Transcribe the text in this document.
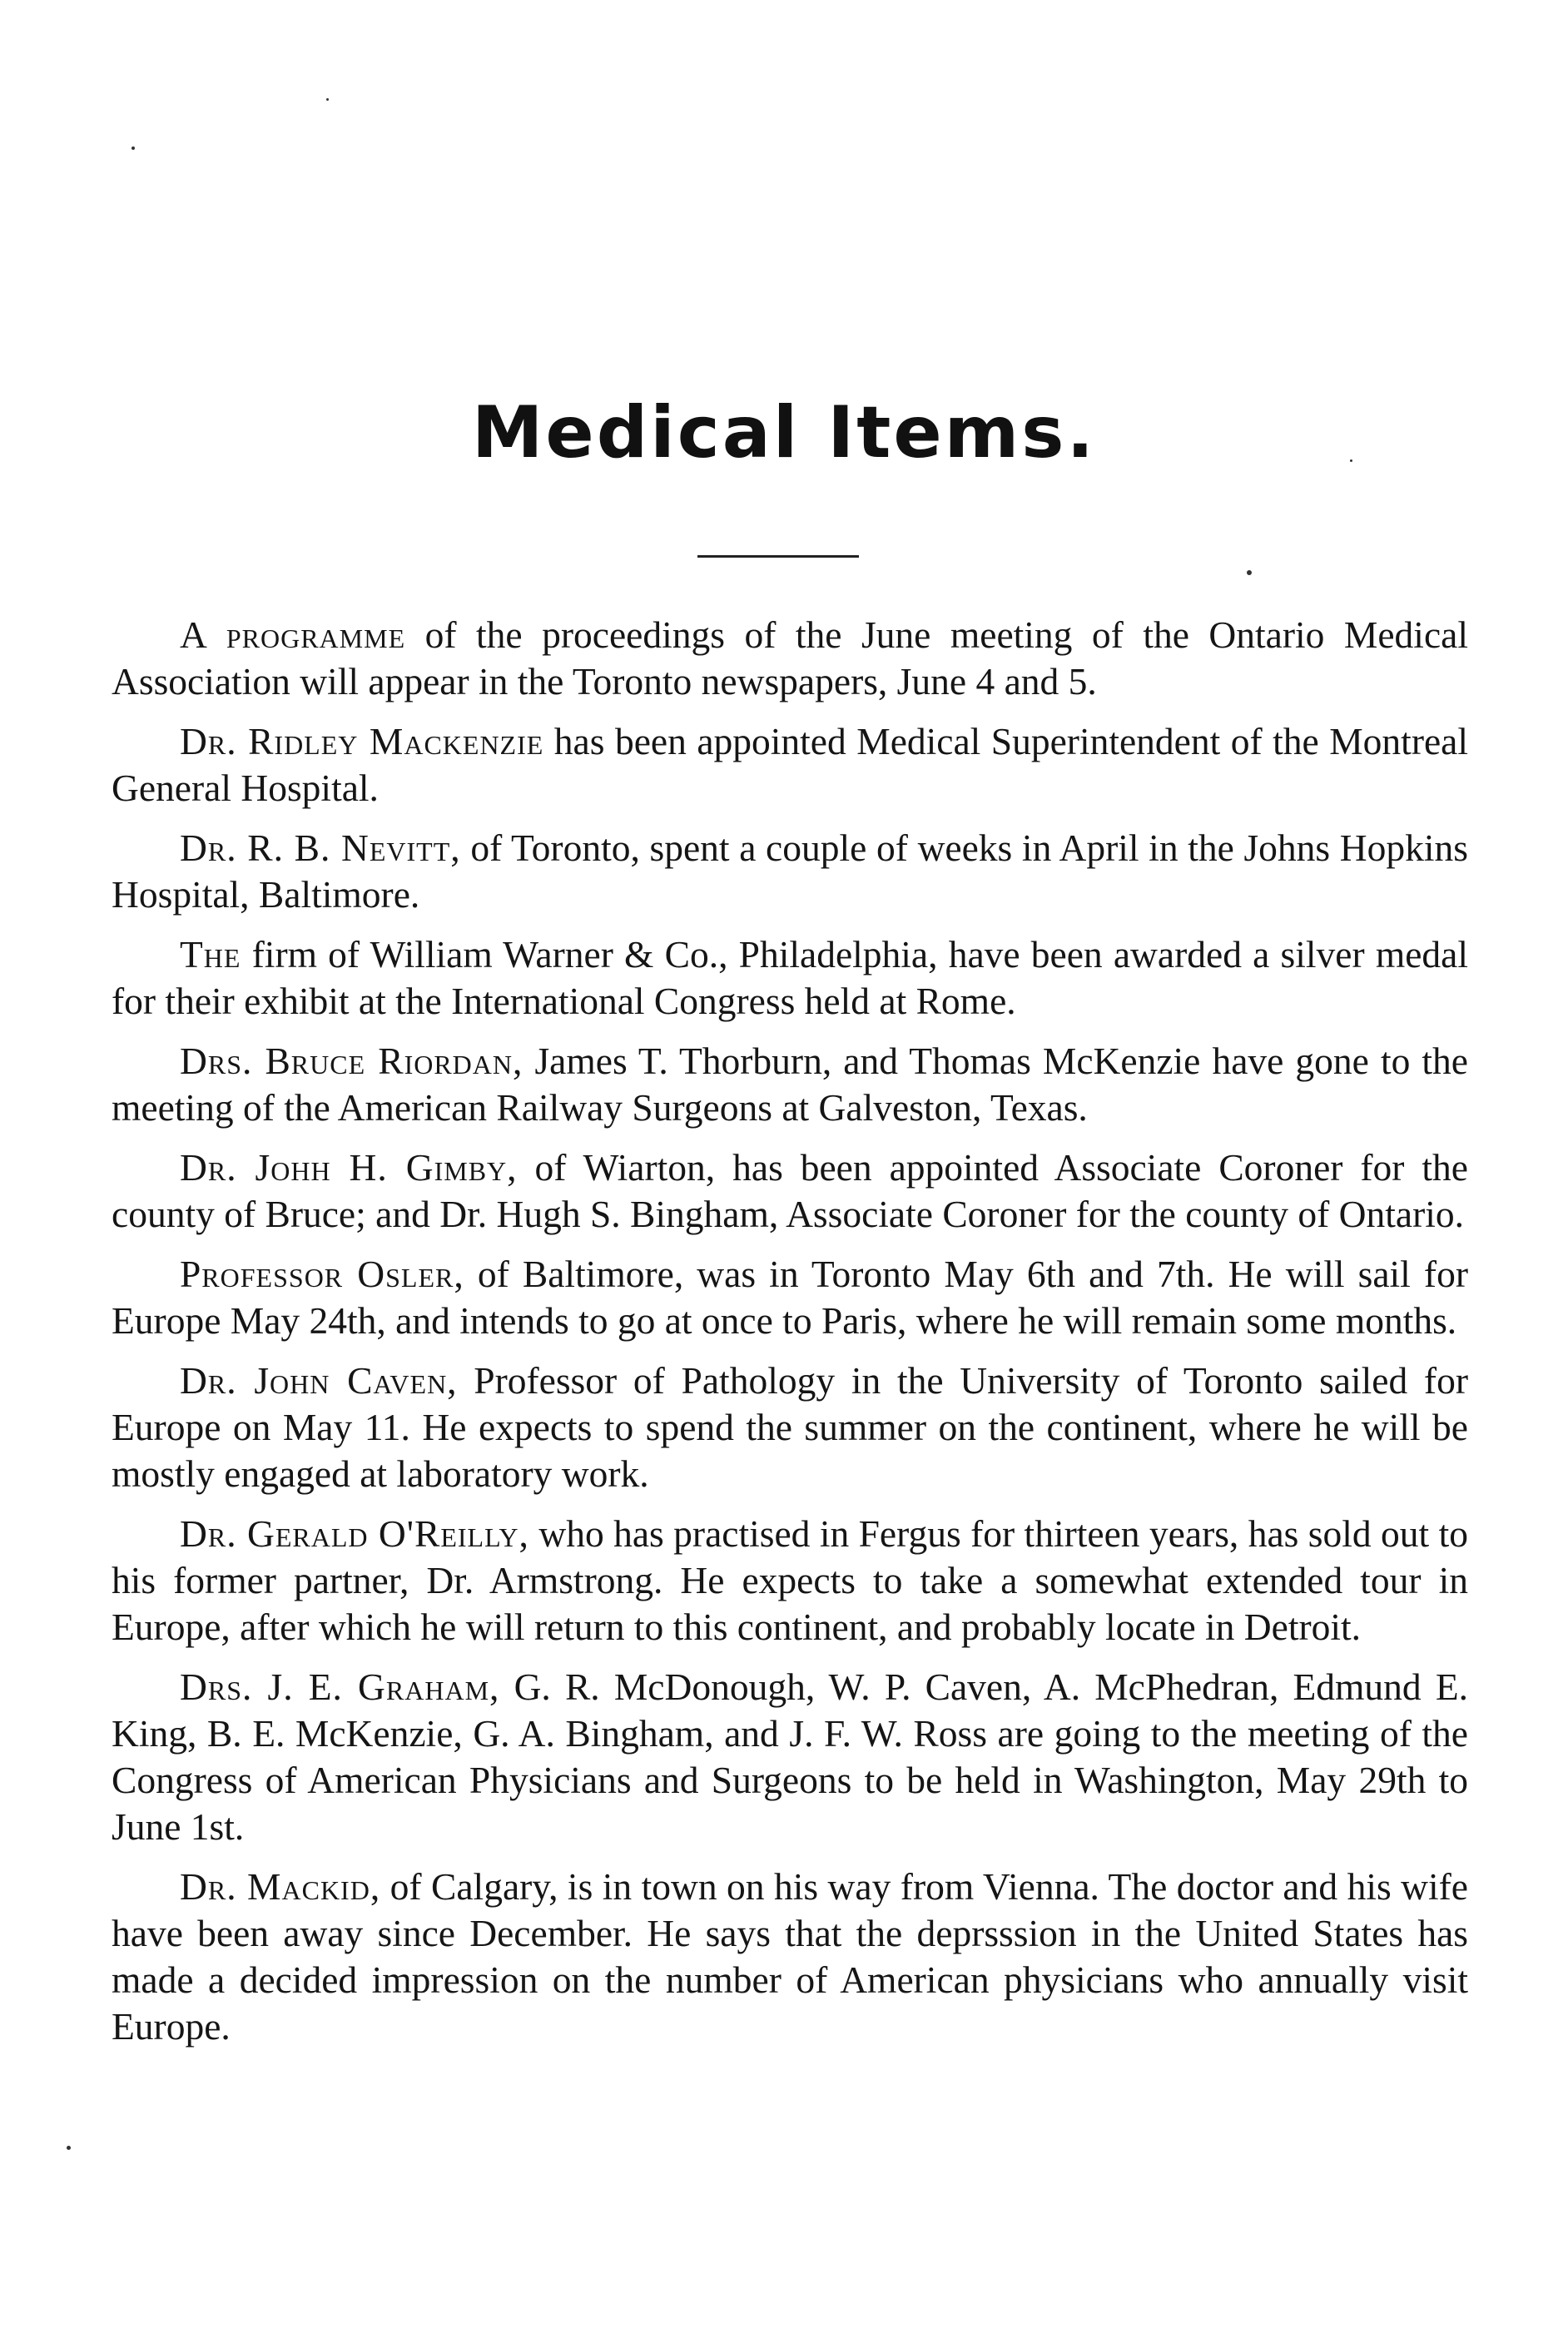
Medical Items.

A programme of the proceedings of the June meeting of the Ontario Medical Association will appear in the Toronto newspapers, June 4 and 5.

Dr. Ridley Mackenzie has been appointed Medical Superintendent of the Montreal General Hospital.

Dr. R. B. Nevitt, of Toronto, spent a couple of weeks in April in the Johns Hopkins Hospital, Baltimore.

The firm of William Warner & Co., Philadelphia, have been awarded a silver medal for their exhibit at the International Congress held at Rome.

Drs. Bruce Riordan, James T. Thorburn, and Thomas McKenzie have gone to the meeting of the American Railway Surgeons at Galveston, Texas.

Dr. Johh H. Gimby, of Wiarton, has been appointed Associate Coroner for the county of Bruce; and Dr. Hugh S. Bingham, Associate Coroner for the county of Ontario.

Professor Osler, of Baltimore, was in Toronto May 6th and 7th. He will sail for Europe May 24th, and intends to go at once to Paris, where he will remain some months.

Dr. John Caven, Professor of Pathology in the University of Toronto sailed for Europe on May 11. He expects to spend the summer on the continent, where he will be mostly engaged at laboratory work.

Dr. Gerald O'Reilly, who has practised in Fergus for thirteen years, has sold out to his former partner, Dr. Armstrong. He expects to take a somewhat extended tour in Europe, after which he will return to this continent, and probably locate in Detroit.

Drs. J. E. Graham, G. R. McDonough, W. P. Caven, A. McPhedran, Edmund E. King, B. E. McKenzie, G. A. Bingham, and J. F. W. Ross are going to the meeting of the Congress of American Physicians and Surgeons to be held in Washington, May 29th to June 1st.

Dr. Mackid, of Calgary, is in town on his way from Vienna. The doctor and his wife have been away since December. He says that the deprsssion in the United States has made a decided impression on the number of American physicians who annually visit Europe.
